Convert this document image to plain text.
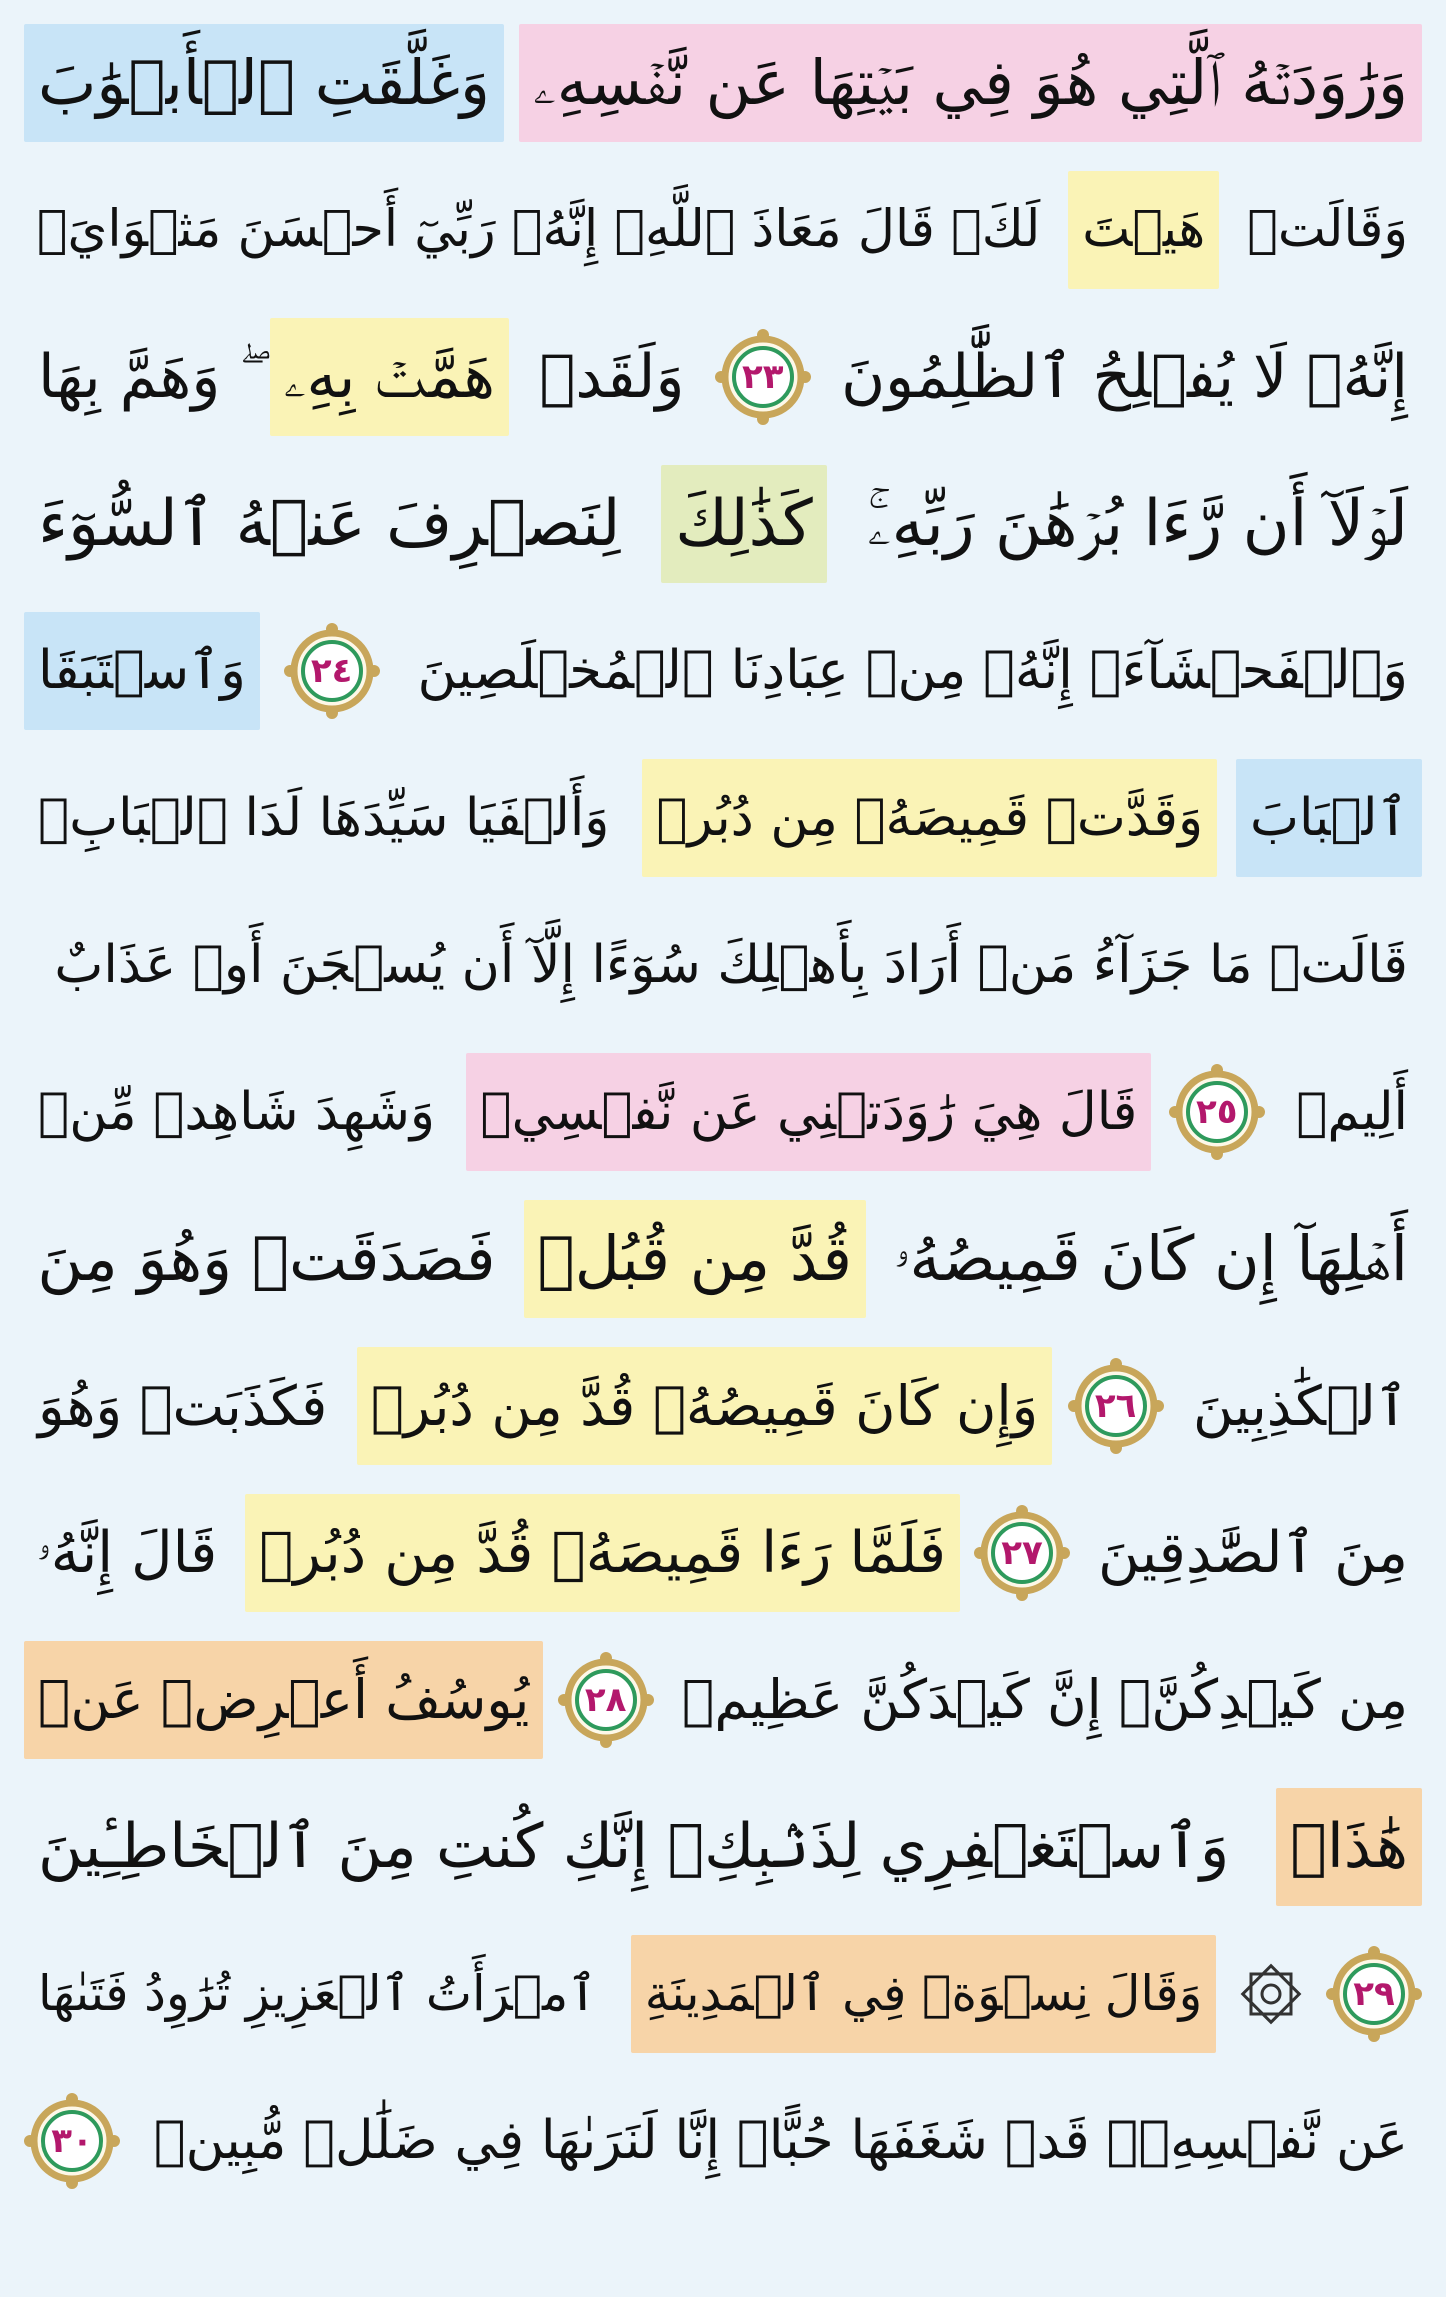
وَرَٰوَدَتۡهُ ٱلَّتِي هُوَ فِي بَيۡتِهَا عَن نَّفۡسِهِۦ
وَغَلَّقَتِ ٱلۡأَبۡوَٰبَ
وَقَالَتۡ
هَيۡتَ
لَكَۚ قَالَ مَعَاذَ ٱللَّهِۖ إِنَّهُۥ رَبِّيٓ أَحۡسَنَ مَثۡوَايَۖ
إِنَّهُۥ لَا يُفۡلِحُ ٱلظَّٰلِمُونَ
٢٣
وَلَقَدۡ
هَمَّتۡ بِهِۦ
ۖ وَهَمَّ بِهَا
لَوۡلَآ أَن رَّءَا بُرۡهَٰنَ رَبِّهِۦۚ
كَذَٰلِكَ
لِنَصۡرِفَ عَنۡهُ ٱلسُّوٓءَ
وَٱلۡفَحۡشَآءَۚ إِنَّهُۥ مِنۡ عِبَادِنَا ٱلۡمُخۡلَصِينَ
٢٤
وَٱسۡتَبَقَا
ٱلۡبَابَ
وَقَدَّتۡ قَمِيصَهُۥ مِن دُبُرٖ
وَأَلۡفَيَا سَيِّدَهَا لَدَا ٱلۡبَابِۚ
قَالَتۡ مَا جَزَآءُ مَنۡ أَرَادَ بِأَهۡلِكَ سُوٓءًا إِلَّآ أَن يُسۡجَنَ أَوۡ عَذَابٌ
أَلِيمٞ
٢٥
قَالَ هِيَ رَٰوَدَتۡنِي عَن نَّفۡسِيۚ
وَشَهِدَ شَاهِدٞ مِّنۡ
أَهۡلِهَآ إِن كَانَ قَمِيصُهُۥ
قُدَّ مِن قُبُلٖ
فَصَدَقَتۡ وَهُوَ مِنَ
ٱلۡكَٰذِبِينَ
٢٦
وَإِن كَانَ قَمِيصُهُۥ قُدَّ مِن دُبُرٖ
فَكَذَبَتۡ وَهُوَ
مِنَ ٱلصَّٰدِقِينَ
٢٧
فَلَمَّا رَءَا قَمِيصَهُۥ قُدَّ مِن دُبُرٖ
قَالَ إِنَّهُۥ
مِن كَيۡدِكُنَّۖ إِنَّ كَيۡدَكُنَّ عَظِيمٞ
٢٨
يُوسُفُ أَعۡرِضۡ عَنۡ
هَٰذَاۚ
وَٱسۡتَغۡفِرِي لِذَنۢبِكِۖ إِنَّكِ كُنتِ مِنَ ٱلۡخَاطِـِٔينَ
٢٩
وَقَالَ نِسۡوَةٞ فِي ٱلۡمَدِينَةِ
ٱمۡرَأَتُ ٱلۡعَزِيزِ تُرَٰوِدُ فَتَىٰهَا
عَن نَّفۡسِهِۦۖ قَدۡ شَغَفَهَا حُبًّاۖ إِنَّا لَنَرَىٰهَا فِي ضَلَٰلٖ مُّبِينٖ
٣٠
